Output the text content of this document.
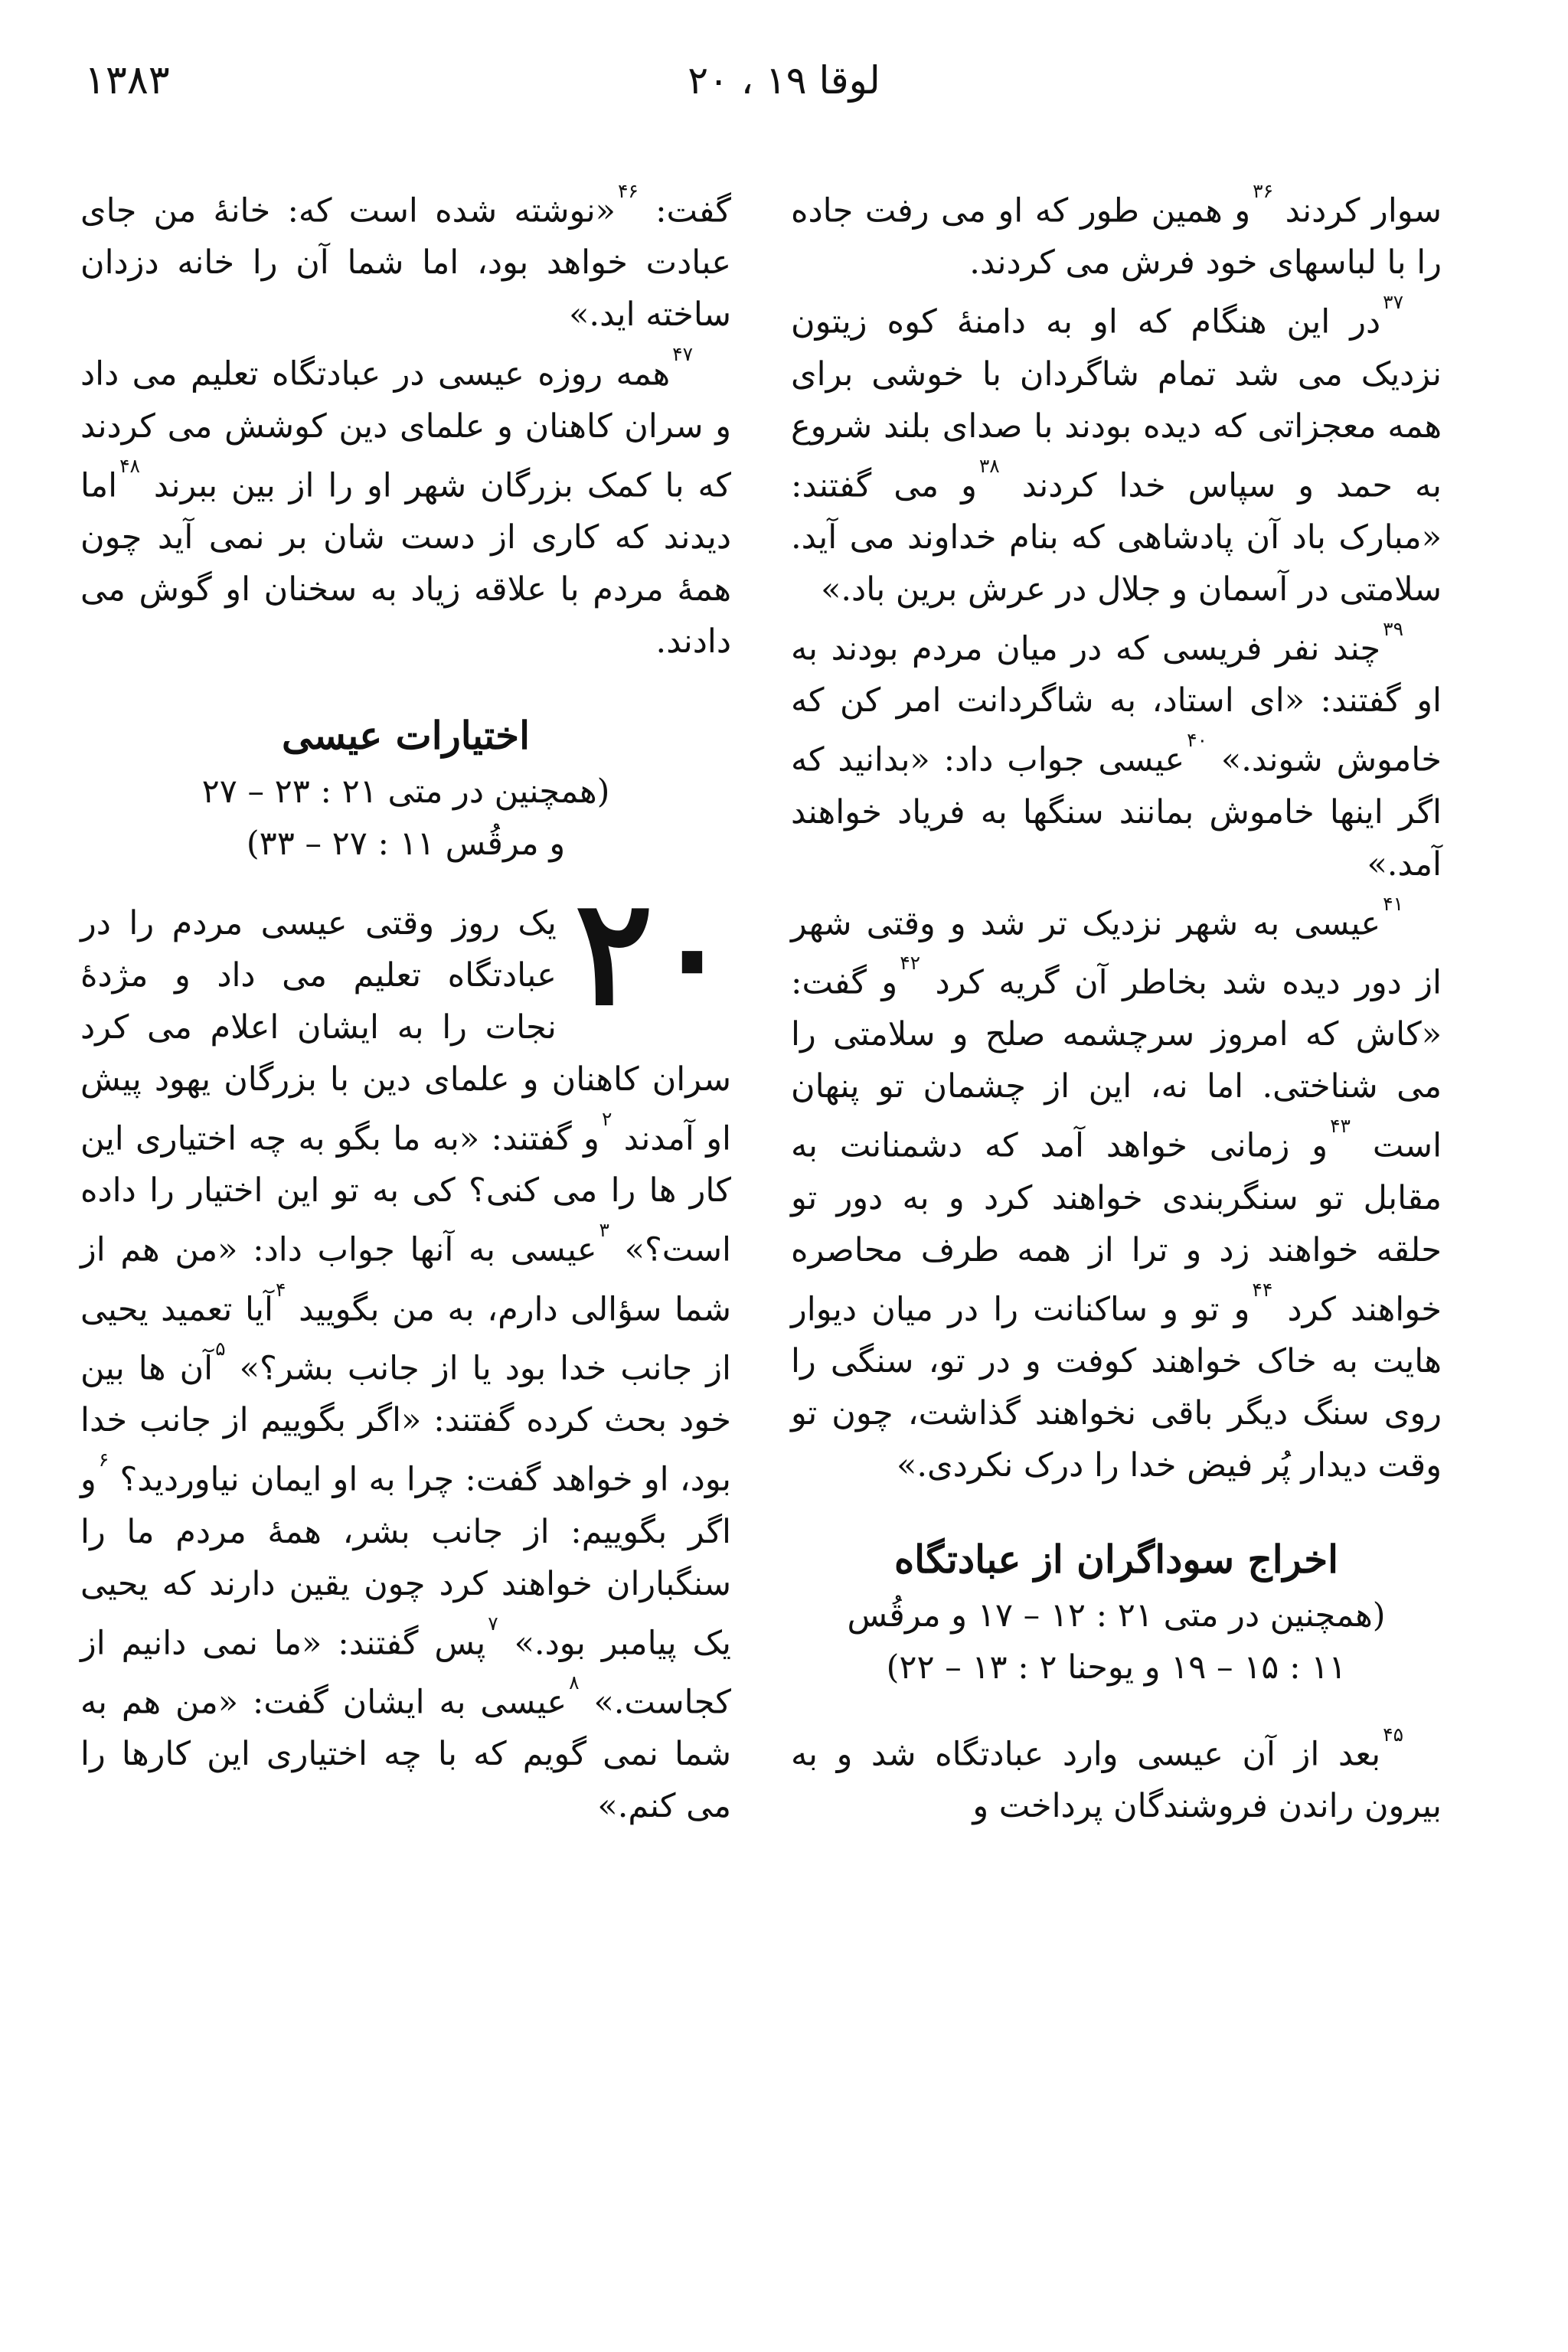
لوقا ۱۹ ، ۲۰
۱۳۸۳

سوار کردند $^{۳۶}$و همین طور که او می رفت جاده را با لباسهای خود فرش می کردند.

$^{۳۷}$در این هنگام که او به دامنهٔ کوه زیتون نزدیک می شد تمام شاگردان با خوشی برای همه معجزاتی که دیده بودند با صدای بلند شروع به حمد و سپاس خدا کردند $^{۳۸}$و می گفتند: «مبارک باد آن پادشاهی که بنام خداوند می آید. سلامتی در آسمان و جلال در عرش برین باد.»

$^{۳۹}$چند نفر فریسی که در میان مردم بودند به او گفتند: «ای استاد، به شاگردانت امر کن که خاموش شوند.» $^{۴۰}$عیسی جواب داد: «بدانید که اگر اینها خاموش بمانند سنگها به فریاد خواهند آمد.»

$^{۴۱}$عیسی به شهر نزدیک تر شد و وقتی شهر از دور دیده شد بخاطر آن گریه کرد $^{۴۲}$و گفت: «کاش که امروز سرچشمه صلح و سلامتی را می شناختی. اما نه، این از چشمان تو پنهان است $^{۴۳}$و زمانی خواهد آمد که دشمنانت به مقابل تو سنگربندی خواهند کرد و به دور تو حلقه خواهند زد و ترا از همه طرف محاصره خواهند کرد $^{۴۴}$و تو و ساکنانت را در میان دیوار هایت به خاک خواهند کوفت و در تو، سنگی را روی سنگ دیگر باقی نخواهند گذاشت، چون تو وقت دیدار پُر فیض خدا را درک نکردی.»

اخراج سوداگران از عبادتگاه
(همچنین در متی ۲۱ : ۱۲ – ۱۷ و مرقُس
۱۱ : ۱۵ – ۱۹ و یوحنا ۲ : ۱۳ – ۲۲)

$^{۴۵}$بعد از آن عیسی وارد عبادتگاه شد و به بیرون راندن فروشندگان پرداخت و

گفت: $^{۴۶}$«نوشته شده است که: خانهٔ من جای عبادت خواهد بود، اما شما آن را خانه دزدان ساخته اید.»

$^{۴۷}$همه روزه عیسی در عبادتگاه تعلیم می داد و سران کاهنان و علمای دین کوشش می کردند که با کمک بزرگان شهر او را از بین ببرند $^{۴۸}$اما دیدند که کاری از دست شان بر نمی آید چون همهٔ مردم با علاقه زیاد به سخنان او گوش می دادند.

اختیارات عیسی
(همچنین در متی ۲۱ : ۲۳ – ۲۷
و مرقُس ۱۱ : ۲۷ – ۳۳)

۲۰
یک روز وقتی عیسی مردم را در عبادتگاه تعلیم می داد و مژدهٔ نجات را به ایشان اعلام می کرد سران کاهنان و علمای دین با بزرگان یهود پیش او آمدند $^۲$و گفتند: «به ما بگو به چه اختیاری این کار ها را می کنی؟ کی به تو این اختیار را داده است؟» $^۳$عیسی به آنها جواب داد: «من هم از شما سؤالی دارم، به من بگویید $^۴$آیا تعمید یحیی از جانب خدا بود یا از جانب بشر؟» $^۵$آن ها بین خود بحث کرده گفتند: «اگر بگوییم از جانب خدا بود، او خواهد گفت: چرا به او ایمان نیاوردید؟ $^۶$و اگر بگوییم: از جانب بشر، همهٔ مردم ما را سنگباران خواهند کرد چون یقین دارند که یحیی یک پیامبر بود.» $^۷$پس گفتند: «ما نمی دانیم از کجاست.» $^۸$عیسی به ایشان گفت: «من هم به شما نمی گویم که با چه اختیاری این کارها را می کنم.»
